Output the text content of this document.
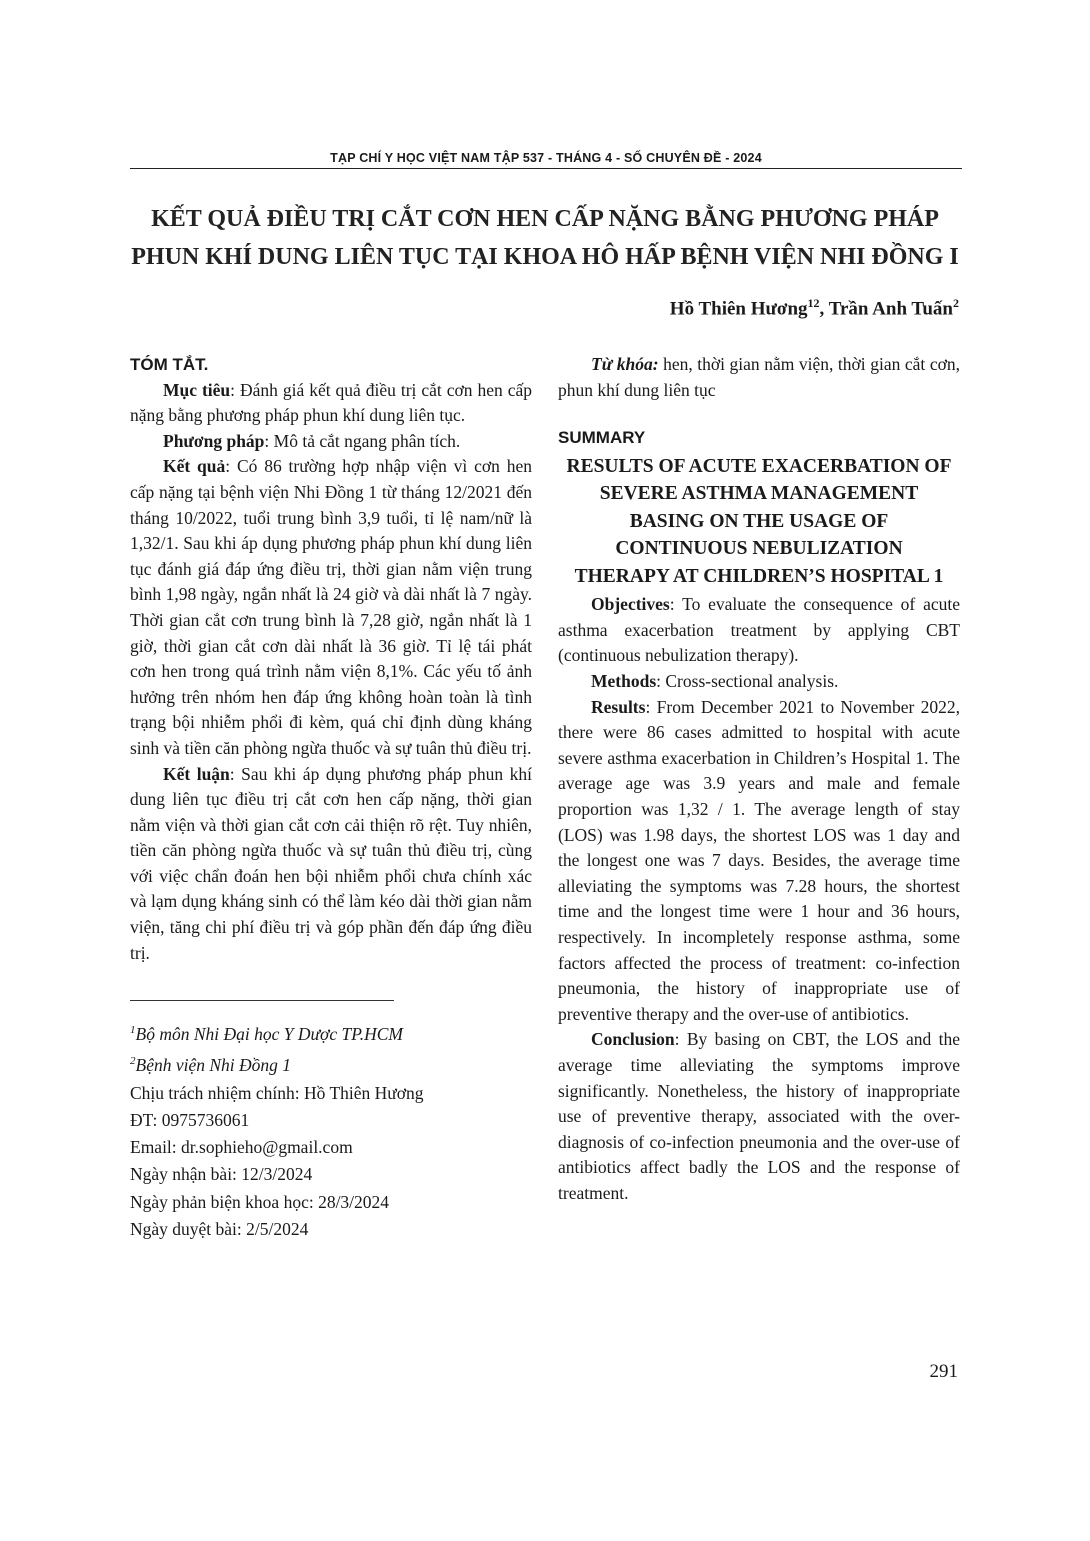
TẠP CHÍ Y HỌC VIỆT NAM TẬP 537 - THÁNG 4 - SỐ CHUYÊN ĐỀ - 2024
KẾT QUẢ ĐIỀU TRỊ CẮT CƠN HEN CẤP NẶNG BẰNG PHƯƠNG PHÁP
PHUN KHÍ DUNG LIÊN TỤC TẠI KHOA HÔ HẤP BỆNH VIỆN NHI ĐỒNG I
Hồ Thiên Hương$^{12}$, Trần Anh Tuấn$^2$

TÓM TẮT.

Mục tiêu: Đánh giá kết quả điều trị cắt cơn hen cấp nặng bằng phương pháp phun khí dung liên tục.

Phương pháp: Mô tả cắt ngang phân tích.

Kết quả: Có 86 trường hợp nhập viện vì cơn hen cấp nặng tại bệnh viện Nhi Đồng 1 từ tháng 12/2021 đến tháng 10/2022, tuổi trung bình 3,9 tuổi, tỉ lệ nam/nữ là 1,32/1. Sau khi áp dụng phương pháp phun khí dung liên tục đánh giá đáp ứng điều trị, thời gian nằm viện trung bình 1,98 ngày, ngắn nhất là 24 giờ và dài nhất là 7 ngày. Thời gian cắt cơn trung bình là 7,28 giờ, ngắn nhất là 1 giờ, thời gian cắt cơn dài nhất là 36 giờ. Tỉ lệ tái phát cơn hen trong quá trình nằm viện 8,1%. Các yếu tố ảnh hưởng trên nhóm hen đáp ứng không hoàn toàn là tình trạng bội nhiễm phổi đi kèm, quá chỉ định dùng kháng sinh và tiền căn phòng ngừa thuốc và sự tuân thủ điều trị.

Kết luận: Sau khi áp dụng phương pháp phun khí dung liên tục điều trị cắt cơn hen cấp nặng, thời gian nằm viện và thời gian cắt cơn cải thiện rõ rệt. Tuy nhiên, tiền căn phòng ngừa thuốc và sự tuân thủ điều trị, cùng với việc chẩn đoán hen bội nhiễm phổi chưa chính xác và lạm dụng kháng sinh có thể làm kéo dài thời gian nằm viện, tăng chi phí điều trị và góp phần đến đáp ứng điều trị.

$^1$Bộ môn Nhi Đại học Y Dược TP.HCM

$^2$Bệnh viện Nhi Đồng 1

Chịu trách nhiệm chính: Hồ Thiên Hương

ĐT: 0975736061

Email: dr.sophieho@gmail.com

Ngày nhận bài: 12/3/2024

Ngày phản biện khoa học: 28/3/2024

Ngày duyệt bài: 2/5/2024

Từ khóa: hen, thời gian nằm viện, thời gian cắt cơn, phun khí dung liên tục

SUMMARY

RESULTS OF ACUTE EXACERBATION OF SEVERE ASTHMA MANAGEMENT BASING ON THE USAGE OF CONTINUOUS NEBULIZATION THERAPY AT CHILDREN’S HOSPITAL 1

Objectives: To evaluate the consequence of acute asthma exacerbation treatment by applying CBT (continuous nebulization therapy).

Methods: Cross-sectional analysis.

Results: From December 2021 to November 2022, there were 86 cases admitted to hospital with acute severe asthma exacerbation in Children’s Hospital 1. The average age was 3.9 years and male and female proportion was 1,32 / 1. The average length of stay (LOS) was 1.98 days, the shortest LOS was 1 day and the longest one was 7 days. Besides, the average time alleviating the symptoms was 7.28 hours, the shortest time and the longest time were 1 hour and 36 hours, respectively. In incompletely response asthma, some factors affected the process of treatment: co-infection pneumonia, the history of inappropriate use of preventive therapy and the over-use of antibiotics.

Conclusion: By basing on CBT, the LOS and the average time alleviating the symptoms improve significantly. Nonetheless, the history of inappropriate use of preventive therapy, associated with the over-diagnosis of co-infection pneumonia and the over-use of antibiotics affect badly the LOS and the response of treatment.

291
